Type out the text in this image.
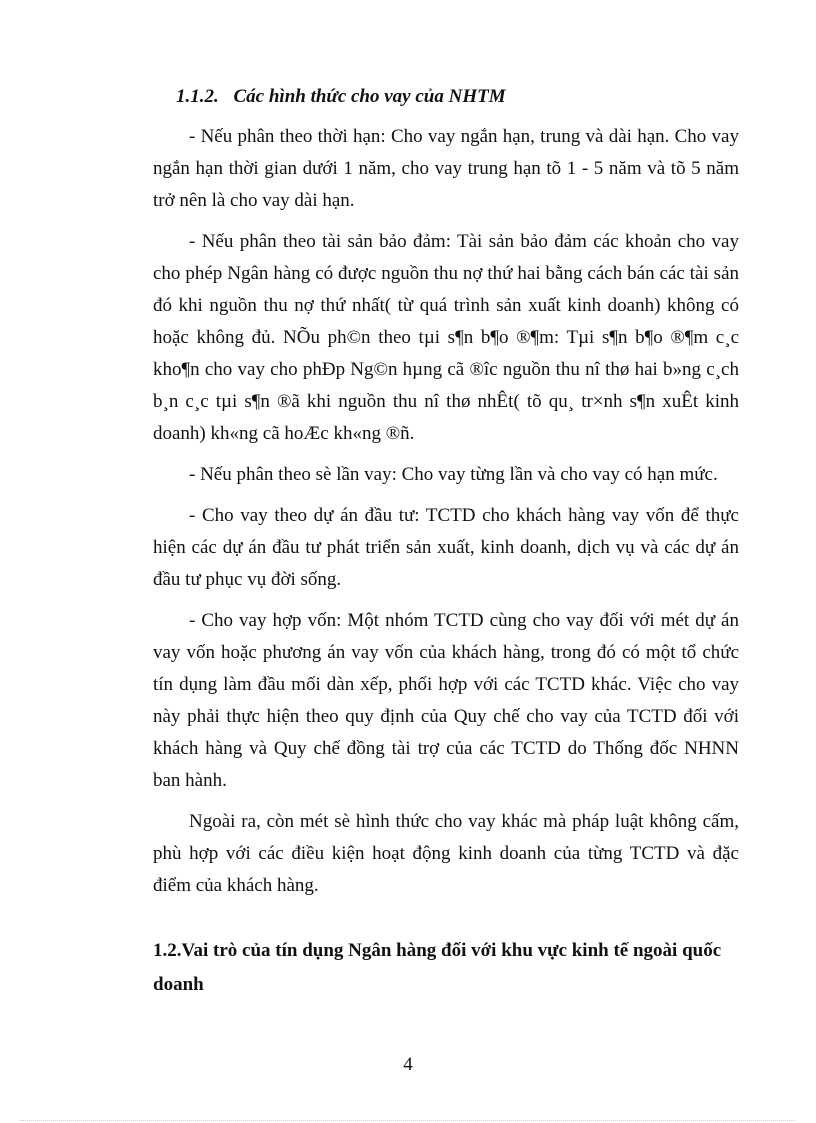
1.1.2. Các hình thức cho vay của NHTM

- Nếu phân theo thời hạn: Cho vay ngắn hạn, trung và dài hạn. Cho vay ngắn hạn thời gian dưới 1 năm, cho vay trung hạn tõ 1 - 5 năm và tõ 5 năm trở nên là cho vay dài hạn.

- Nếu phân theo tài sản bảo đảm: Tài sản bảo đảm các khoản cho vay cho phép Ngân hàng có được nguồn thu nợ thứ hai bằng cách bán các tài sản đó khi nguồn thu nợ thứ nhất( từ quá trình sản xuất kinh doanh) không có hoặc không đủ. NÕu ph©n theo tµi s¶n b¶o ®¶m: Tµi s¶n b¶o ®¶m c¸c kho¶n cho vay cho phÐp Ng©n hµng cã ®îc nguồn thu nî thø hai b»ng c¸ch b¸n c¸c tµi s¶n ®ã khi nguồn thu nî thø nhÊt( tõ qu¸ tr×nh s¶n xuÊt kinh doanh) kh«ng cã hoÆc kh«ng ®ñ.

- Nếu phân theo sè lần vay: Cho vay từng lần và cho vay có hạn mức.

- Cho vay theo dự án đầu tư: TCTD cho khách hàng vay vốn để thực hiện các dự án đầu tư phát triển sản xuất, kinh doanh, dịch vụ và các dự án đầu tư phục vụ đời sống.

- Cho vay hợp vốn: Một nhóm TCTD cùng cho vay đối với mét dự án vay vốn hoặc phương án vay vốn của khách hàng, trong đó có một tổ chức tín dụng làm đầu mối dàn xếp, phối hợp với các TCTD khác. Việc cho vay này phải thực hiện theo quy định của Quy chế cho vay của TCTD đối với khách hàng và Quy chế đồng tài trợ của các TCTD do Thống đốc NHNN ban hành.

Ngoài ra, còn mét sè hình thức cho vay khác mà pháp luật không cấm, phù hợp với các điều kiện hoạt động kinh doanh của từng TCTD và đặc điểm của khách hàng.

1.2.Vai trò của tín dụng Ngân hàng đối với khu vực kinh tế ngoài quốc doanh
4
